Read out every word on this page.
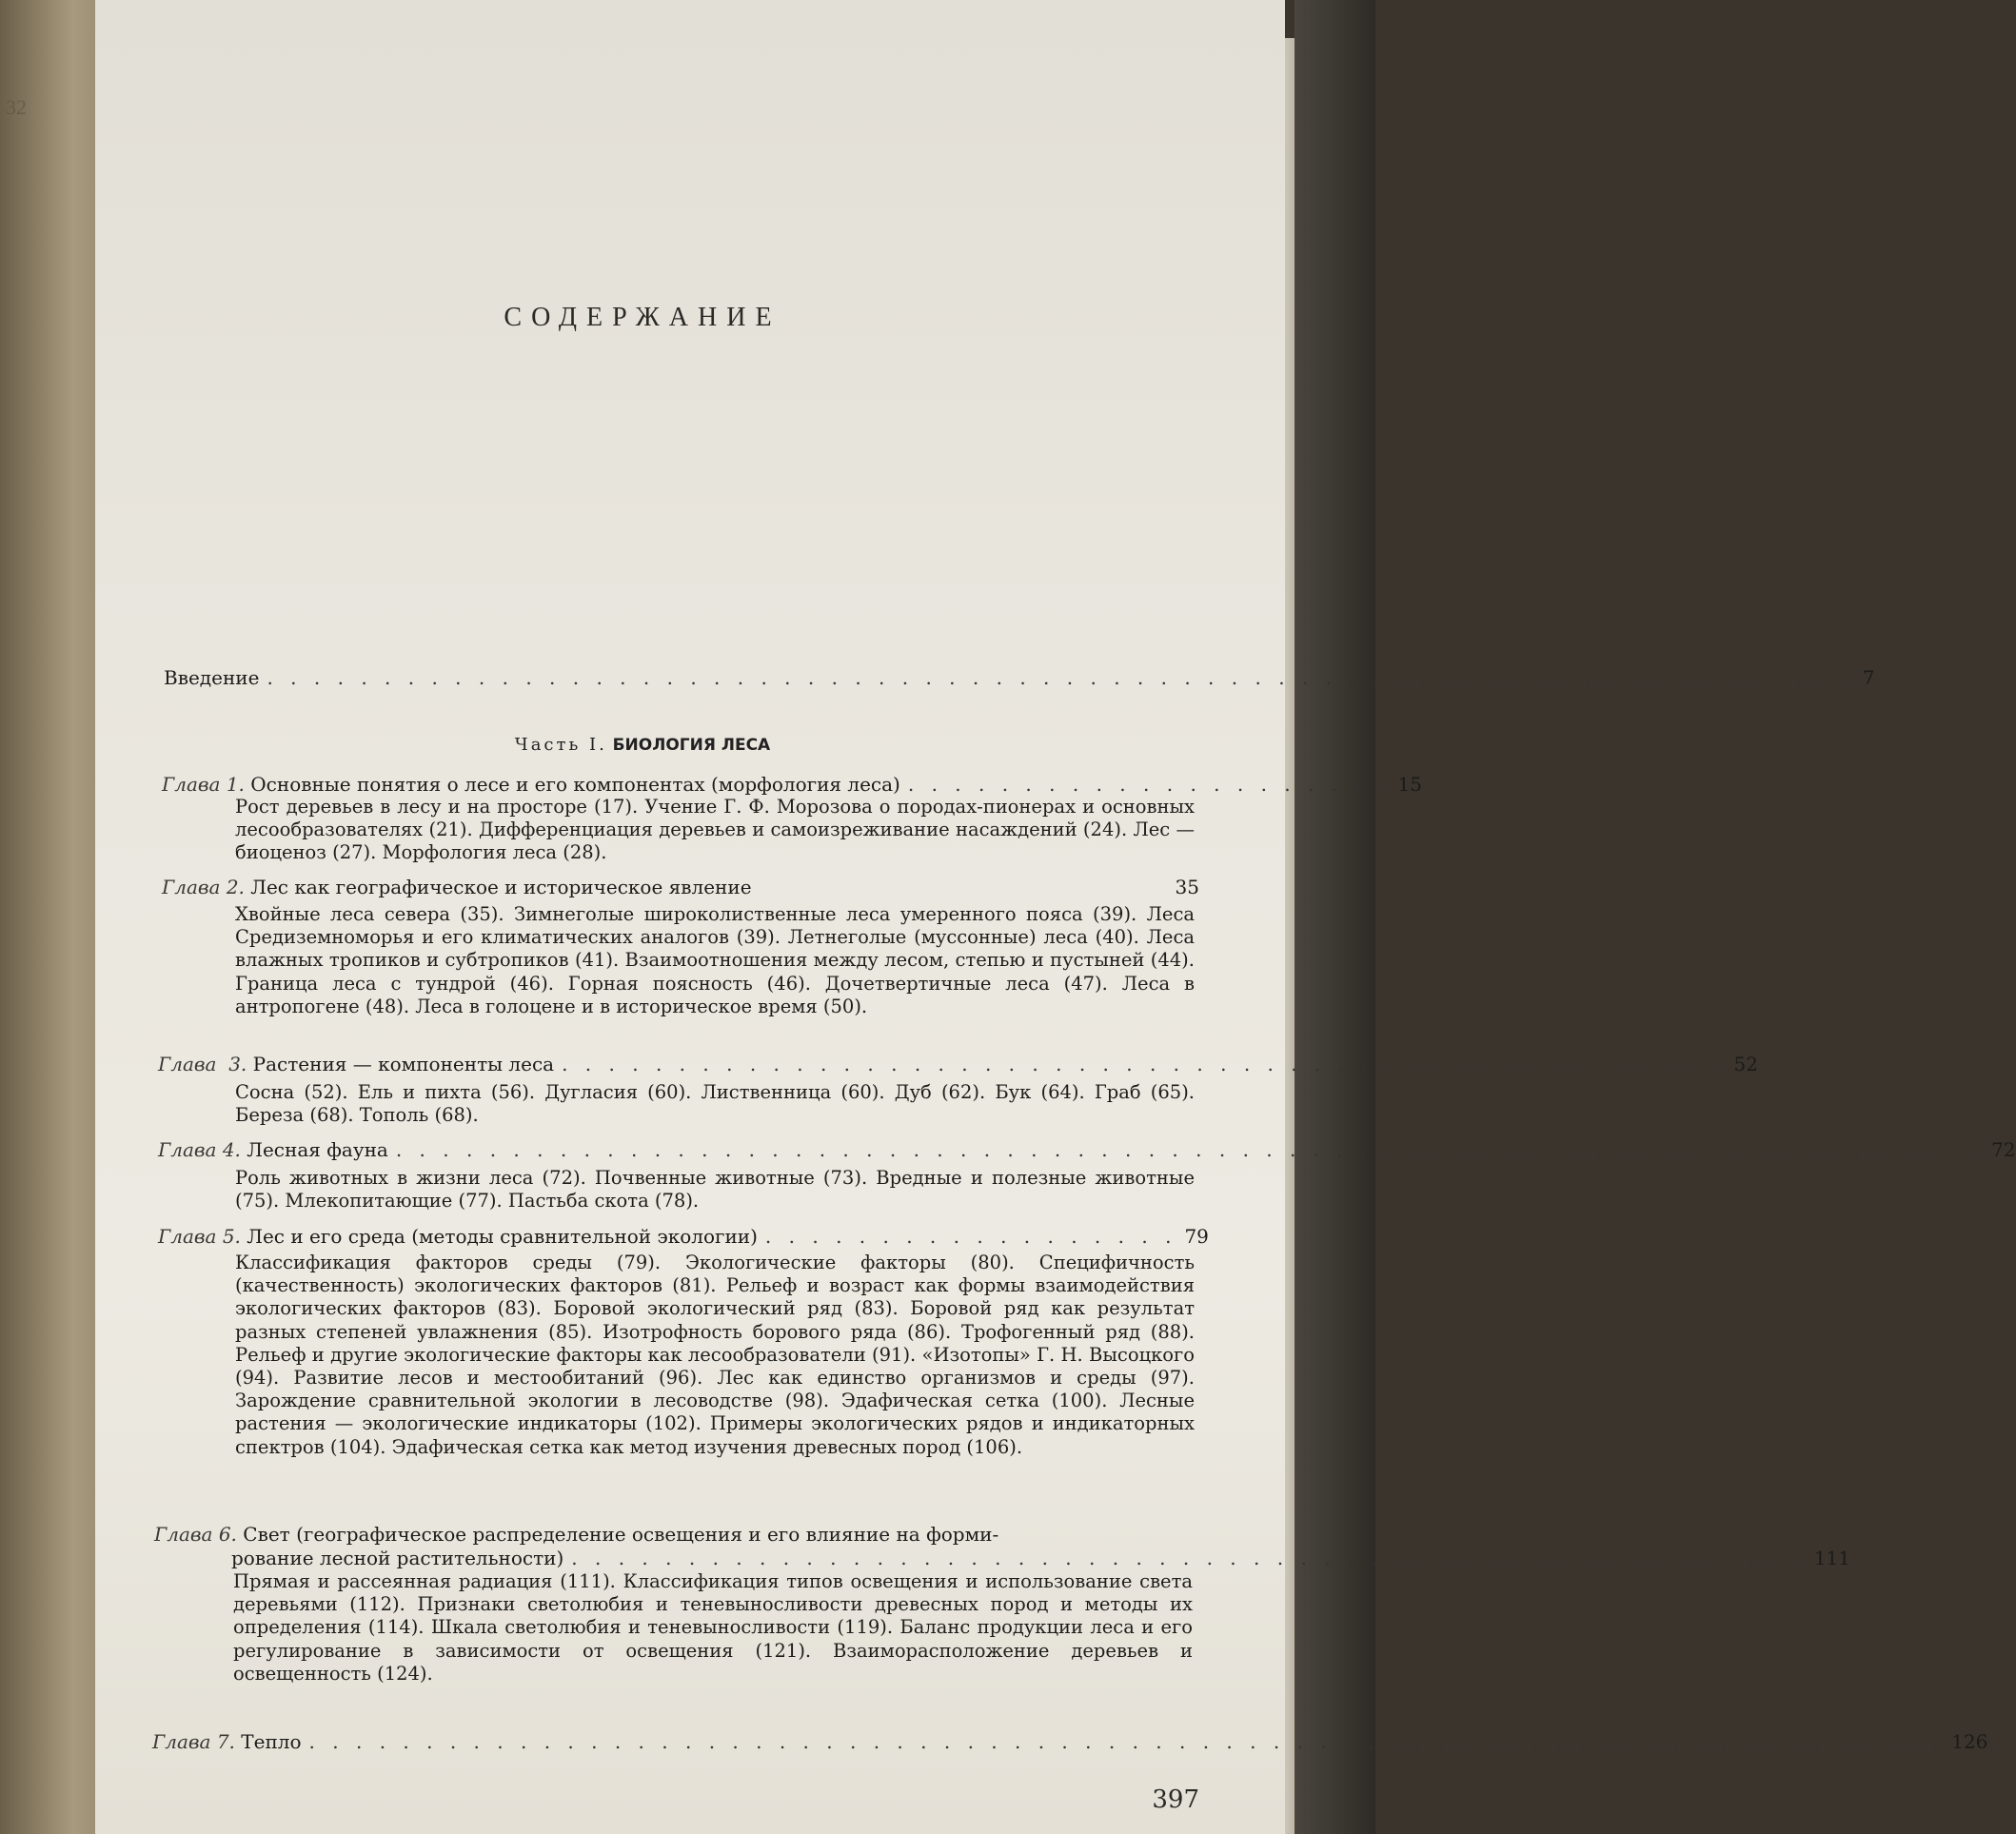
32
СОДЕРЖАНИЕ
Введение . . . . . . . . . . . . . . . . . . . . . . . . . . . . . . . . . . . . . . . . . . . . . . . . . . . . . . . . . . . . . . . . . . . . 7
Часть I. БИОЛОГИЯ ЛЕСА
Глава 1. Основные понятия о лесе и его компонентах (морфология леса) . . . . . . . . . . . . . . . . . . . . . 15
Рост деревьев в лесу и на просторе (17). Учение Г. Ф. Морозова о породах-пионерах и основных лесообразователях (21). Дифференциация деревьев и самоизреживание насаждений (24). Лес — биоценоз (27). Морфология леса (28).
Глава 2. Лес как географическое и историческое явление	35
Хвойные леса севера (35). Зимнеголые широколиственные леса умеренного пояса (39). Леса Средиземноморья и его климатических аналогов (39). Летнеголые (муссонные) леса (40). Леса влажных тропиков и субтропиков (41). Взаимоотношения между лесом, степью и пустыней (44). Граница леса с тундрой (46). Горная поясность (46). Дочетвертичные леса (47). Леса в антропогене (48). Леса в голоцене и в историческое время (50).
Глава 3. Растения — компоненты леса . . . . . . . . . . . . . . . . . . . . . . . . . . . . . . . . . . . . . . . . . . . . . . . . . . 52
Сосна (52). Ель и пихта (56). Дугласия (60). Лиственница (60). Дуб (62). Бук (64). Граб (65). Береза (68). Тополь (68).
Глава 4. Лесная фауна . . . . . . . . . . . . . . . . . . . . . . . . . . . . . . . . . . . . . . . . . . . . . . . . . . . . . . . . . . . . . . . . . . . . 72
Роль животных в жизни леса (72). Почвенные животные (73). Вредные и полезные животные (75). Млекопитающие (77). Пастьба скота (78).
Глава 5. Лес и его среда (методы сравнительной экологии) . . . . . . . . . . . . . . . . . . 79
Классификация факторов среды (79). Экологические факторы (80). Специфичность (качественность) экологических факторов (81). Рельеф и возраст как формы взаимодействия экологических факторов (83). Боровой экологический ряд (83). Боровой ряд как результат разных степеней увлажнения (85). Изотрофность борового ряда (86). Трофогенный ряд (88). Рельеф и другие экологические факторы как лесообразователи (91). «Изотопы» Г. Н. Высоцкого (94). Развитие лесов и местообитаний (96). Лес как единство организмов и среды (97). Зарождение сравнительной экологии в лесоводстве (98). Эдафическая сетка (100). Лесные растения — экологические индикаторы (102). Примеры экологических рядов и индикаторных спектров (104). Эдафическая сетка как метод изучения древесных пород (106).
Глава 6. Свет (географическое распределение освещения и его влияние на форми-
рование лесной растительности) . . . . . . . . . . . . . . . . . . . . . . . . . . . . . . . . . . . . . . . . . . . . . . . . . . . . . 111
Прямая и рассеянная радиация (111). Классификация типов освещения и использование света деревьями (112). Признаки светолюбия и теневыносливости древесных пород и методы их определения (114). Шкала светолюбия и теневыносливости (119). Баланс продукции леса и его регулирование в зависимости от освещения (121). Взаиморасположение деревьев и освещенность (124).
Глава 7. Тепло . . . . . . . . . . . . . . . . . . . . . . . . . . . . . . . . . . . . . . . . . . . . . . . . . . . . . . . . . . . . . . . . . . . . . . 126
397
